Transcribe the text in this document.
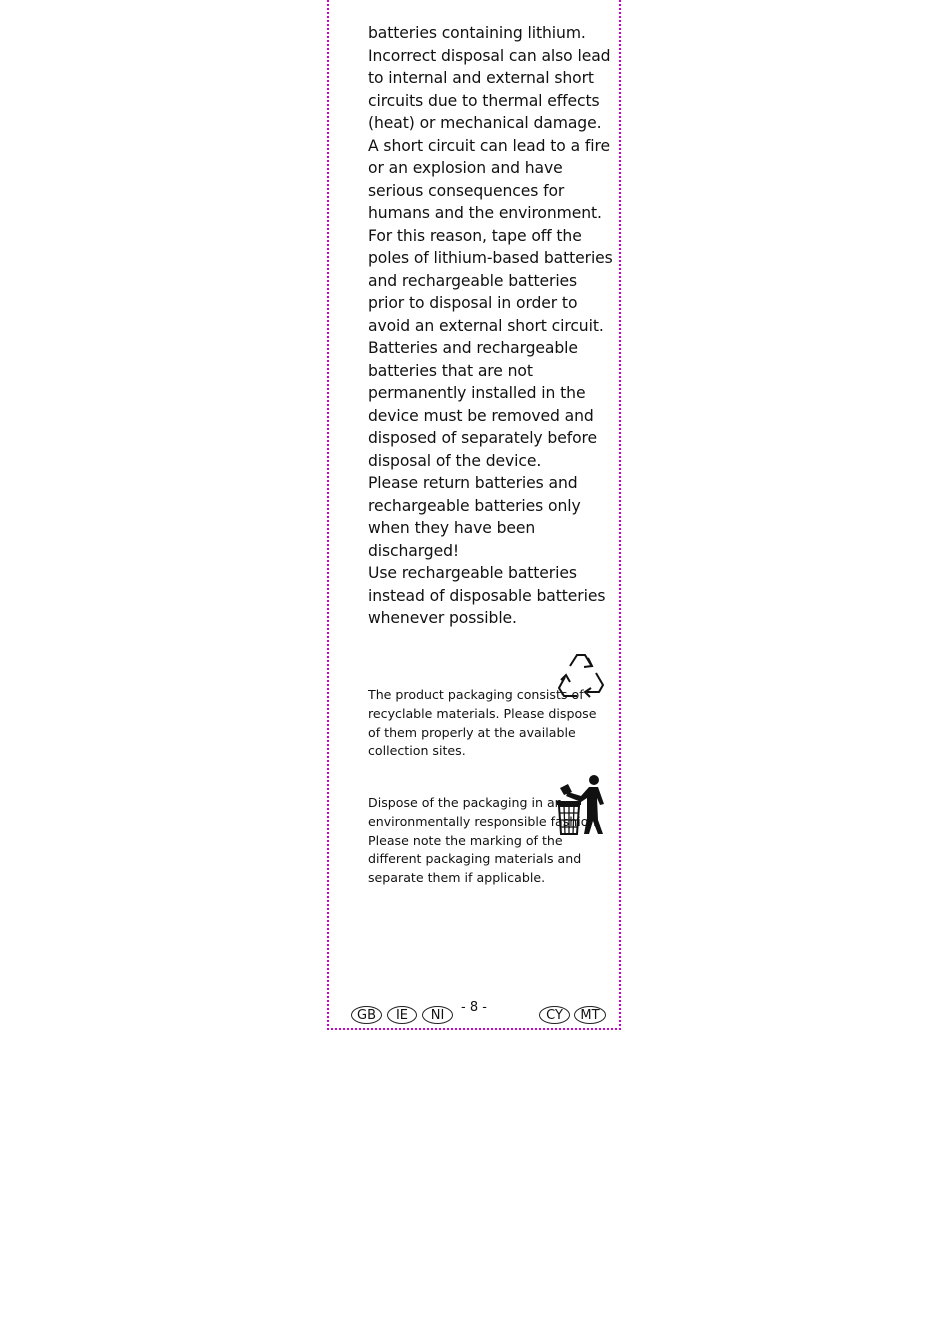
batteries containing lithium. Incorrect disposal can also lead to internal and external short circuits due to thermal effects (heat) or mechanical damage. A short circuit can lead to a fire or an explosion and have serious consequences for humans and the environment.

For this reason, tape off the poles of lithium-based batteries and rechargeable batteries prior to disposal in order to avoid an external short circuit.

Batteries and rechargeable batteries that are not permanently installed in the device must be removed and disposed of separately before disposal of the device.

Please return batteries and rechargeable batteries only when they have been discharged!

Use rechargeable batteries instead of disposable batteries whenever possible.

The product packaging consists of recyclable materials. Please dispose of them properly at the available collection sites.
Dispose of the packaging in an environmentally responsible fashion. Please note the marking of the different packaging materials and separate them if applicable.
GB	IE	NI
- 8 -
CY	MT
